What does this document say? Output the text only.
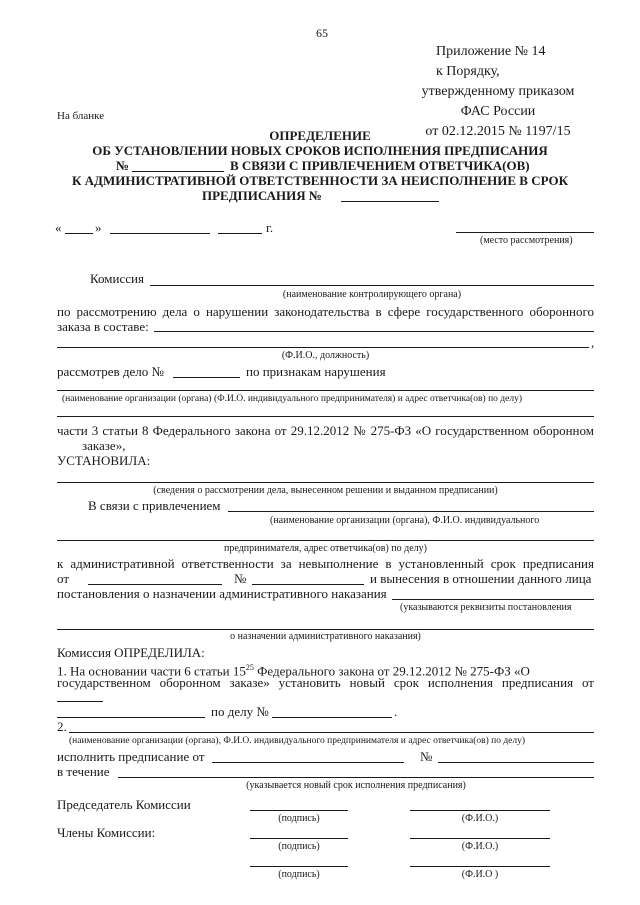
65
Приложение № 14
к Порядку,
утвержденному приказом
ФАС России
от 02.12.2015 № 1197/15
На бланке
ОПРЕДЕЛЕНИЕ
ОБ УСТАНОВЛЕНИИ НОВЫХ СРОКОВ ИСПОЛНЕНИЯ ПРЕДПИСАНИЯ
№	В СВЯЗИ С ПРИВЛЕЧЕНИЕМ ОТВЕТЧИКА(ОВ)
К АДМИНИСТРАТИВНОЙ ОТВЕТСТВЕННОСТИ ЗА НЕИСПОЛНЕНИЕ В СРОК
ПРЕДПИСАНИЯ №
«	»	г.
(место рассмотрения)
Комиссия
(наименование контролирующего органа)
по рассмотрению дела о нарушении законодательства в сфере государственного оборонного
заказа в составе:
,
(Ф.И.О., должность)
рассмотрев дело №	по признакам нарушения
(наименование организации (органа) (Ф.И.О. индивидуального предпринимателя) и адрес ответчика(ов) по делу)
части 3 статьи 8 Федерального закона от 29.12.2012 № 275-ФЗ «О государственном оборонном
заказе»,
УСТАНОВИЛА:
(сведения о рассмотрении дела, вынесенном решении и выданном предписании)
В связи с привлечением
(наименование организации (органа), Ф.И.О. индивидуального
предпринимателя, адрес ответчика(ов) по делу)
к административной ответственности за невыполнение в установленный срок предписания
от	№	и вынесения в отношении данного лица
постановления о назначении административного наказания
(указываются реквизиты постановления
о назначении административного наказания)
Комиссия ОПРЕДЕЛИЛА:
1. На основании части 6 статьи $15^{25}$ Федерального закона от 29.12.2012 № 275-ФЗ «О
государственном оборонном заказе» установить новый срок исполнения предписания от
по делу №	.
2.
(наименование организации (органа), Ф.И.О. индивидуального предпринимателя и адрес ответчика(ов) по делу)
исполнить предписание от	№
в течение
(указывается новый срок исполнения предписания)
Председатель Комиссии
(подпись)	(Ф.И.О.)
Члены Комиссии:
(подпись)	(Ф.И.О.)
(подпись)	(Ф.И.О )
